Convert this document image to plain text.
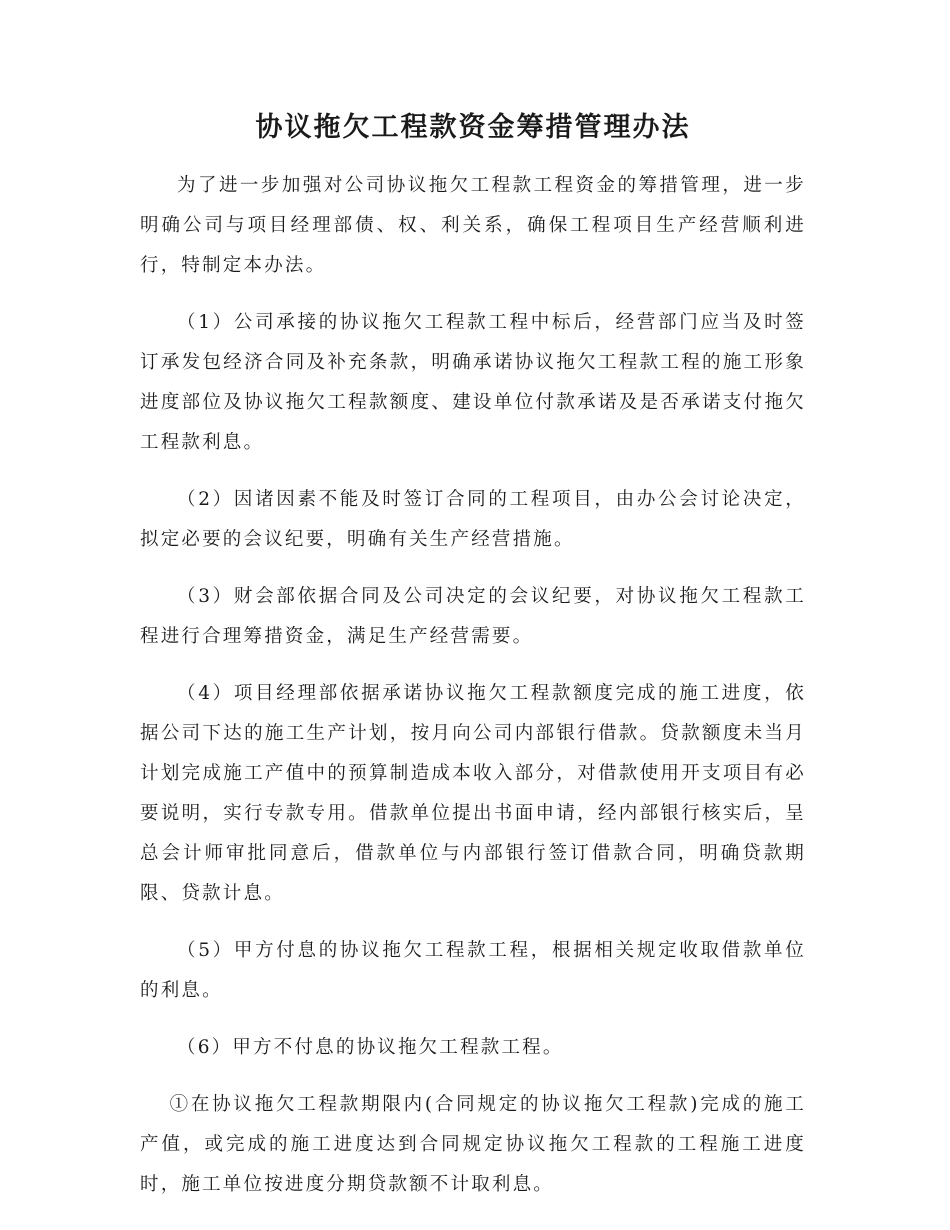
协议拖欠工程款资金筹措管理办法

为了进一步加强对公司协议拖欠工程款工程资金的筹措管理，进一步明确公司与项目经理部债、权、利关系，确保工程项目生产经营顺利进行，特制定本办法。

（1）公司承接的协议拖欠工程款工程中标后，经营部门应当及时签订承发包经济合同及补充条款，明确承诺协议拖欠工程款工程的施工形象进度部位及协议拖欠工程款额度、建设单位付款承诺及是否承诺支付拖欠工程款利息。

（2）因诸因素不能及时签订合同的工程项目，由办公会讨论决定，拟定必要的会议纪要，明确有关生产经营措施。

（3）财会部依据合同及公司决定的会议纪要，对协议拖欠工程款工程进行合理筹措资金，满足生产经营需要。

（4）项目经理部依据承诺协议拖欠工程款额度完成的施工进度，依据公司下达的施工生产计划，按月向公司内部银行借款。贷款额度未当月计划完成施工产值中的预算制造成本收入部分，对借款使用开支项目有必要说明，实行专款专用。借款单位提出书面申请，经内部银行核实后，呈总会计师审批同意后，借款单位与内部银行签订借款合同，明确贷款期限、贷款计息。

（5）甲方付息的协议拖欠工程款工程，根据相关规定收取借款单位的利息。

（6）甲方不付息的协议拖欠工程款工程。

①在协议拖欠工程款期限内(合同规定的协议拖欠工程款)完成的施工产值，或完成的施工进度达到合同规定协议拖欠工程款的工程施工进度时，施工单位按进度分期贷款额不计取利息。
